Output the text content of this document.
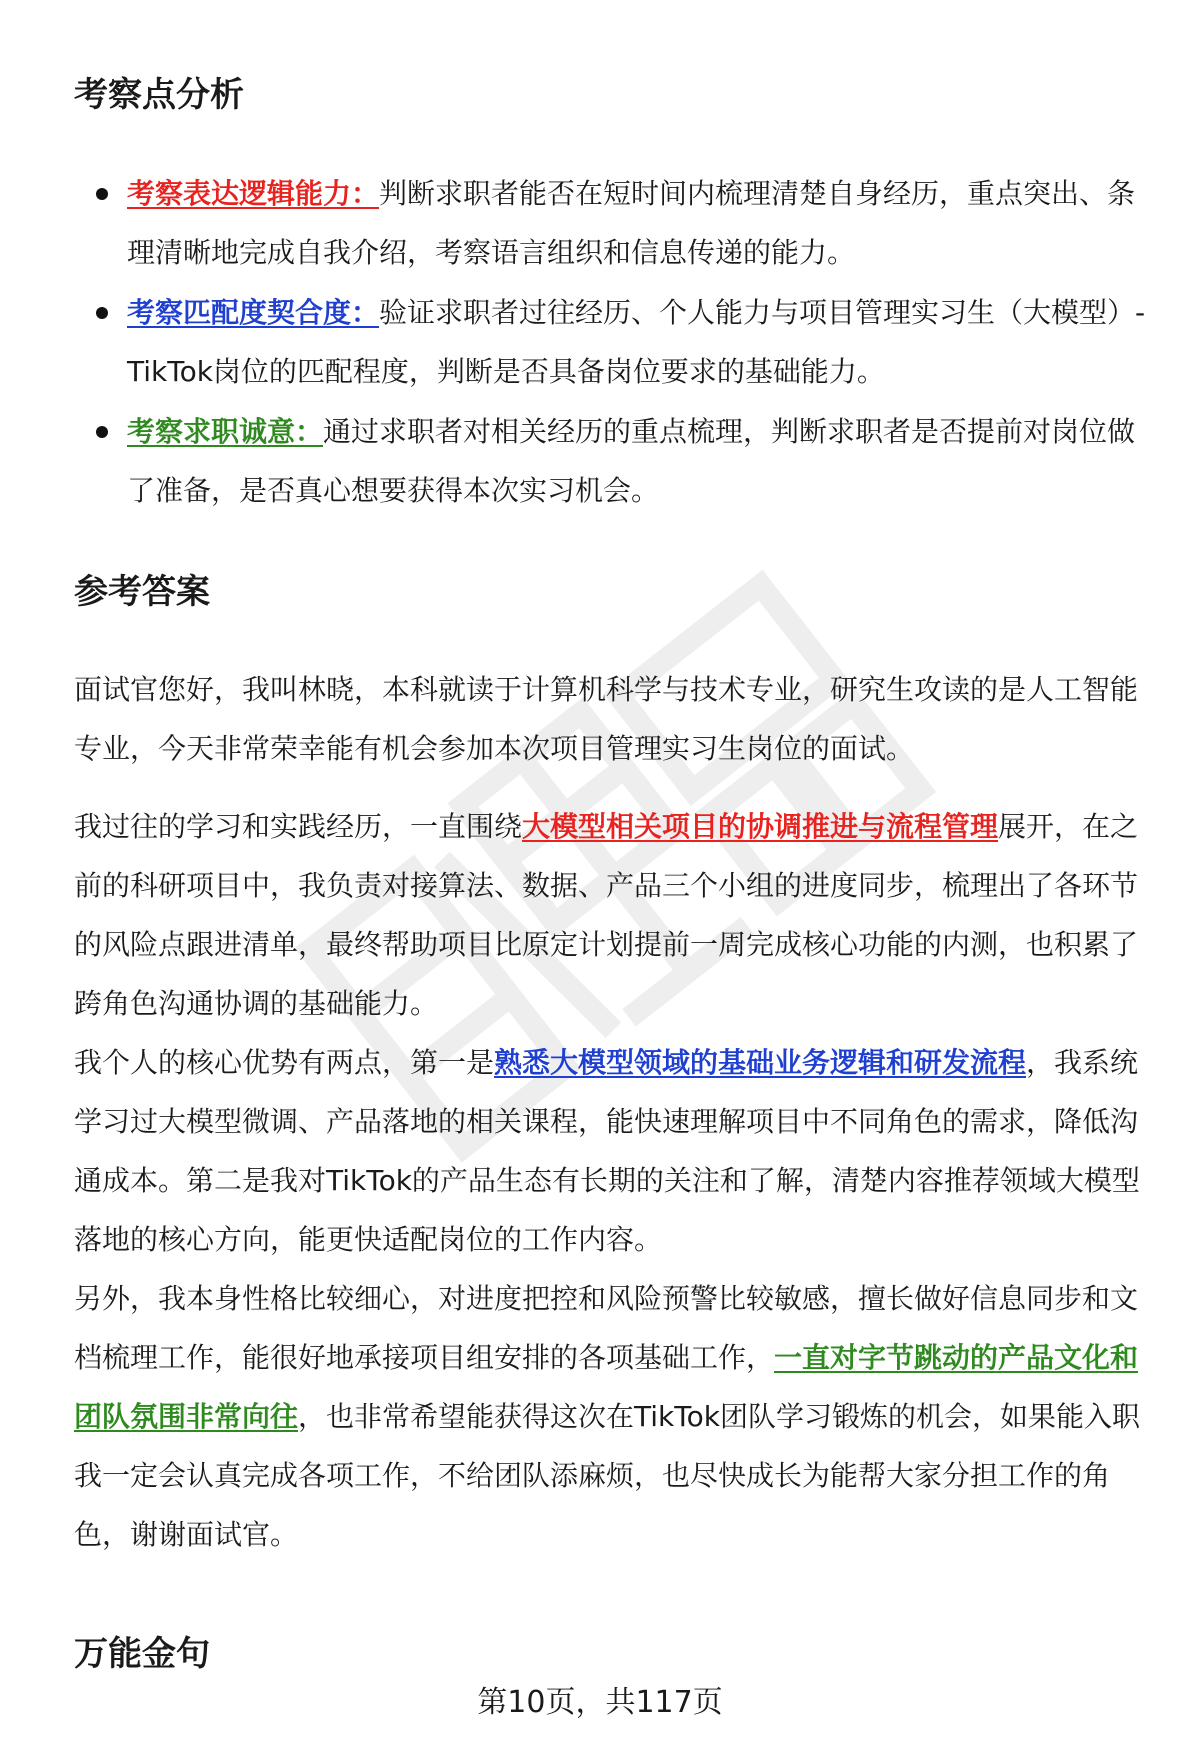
考察点分析
考察表达逻辑能力：判断求职者能否在短时间内梳理清楚自身经历，重点突出、条理清晰地完成自我介绍，考察语言组织和信息传递的能力。
考察匹配度契合度：验证求职者过往经历、个人能力与项目管理实习生（大模型）-TikTok岗位的匹配程度，判断是否具备岗位要求的基础能力。
考察求职诚意：通过求职者对相关经历的重点梳理，判断求职者是否提前对岗位做了准备，是否真心想要获得本次实习机会。
参考答案

面试官您好，我叫林晓，本科就读于计算机科学与技术专业，研究生攻读的是人工智能专业，今天非常荣幸能有机会参加本次项目管理实习生岗位的面试。

我过往的学习和实践经历，一直围绕大模型相关项目的协调推进与流程管理展开，在之前的科研项目中，我负责对接算法、数据、产品三个小组的进度同步，梳理出了各环节的风险点跟进清单，最终帮助项目比原定计划提前一周完成核心功能的内测，也积累了跨角色沟通协调的基础能力。

我个人的核心优势有两点，第一是熟悉大模型领域的基础业务逻辑和研发流程，我系统学习过大模型微调、产品落地的相关课程，能快速理解项目中不同角色的需求，降低沟通成本。第二是我对TikTok的产品生态有长期的关注和了解，清楚内容推荐领域大模型落地的核心方向，能更快适配岗位的工作内容。

另外，我本身性格比较细心，对进度把控和风险预警比较敏感，擅长做好信息同步和文档梳理工作，能很好地承接项目组安排的各项基础工作，一直对字节跳动的产品文化和团队氛围非常向往，也非常希望能获得这次在TikTok团队学习锻炼的机会，如果能入职我一定会认真完成各项工作，不给团队添麻烦，也尽快成长为能帮大家分担工作的角色，谢谢面试官。

万能金句
第10页，共117页
